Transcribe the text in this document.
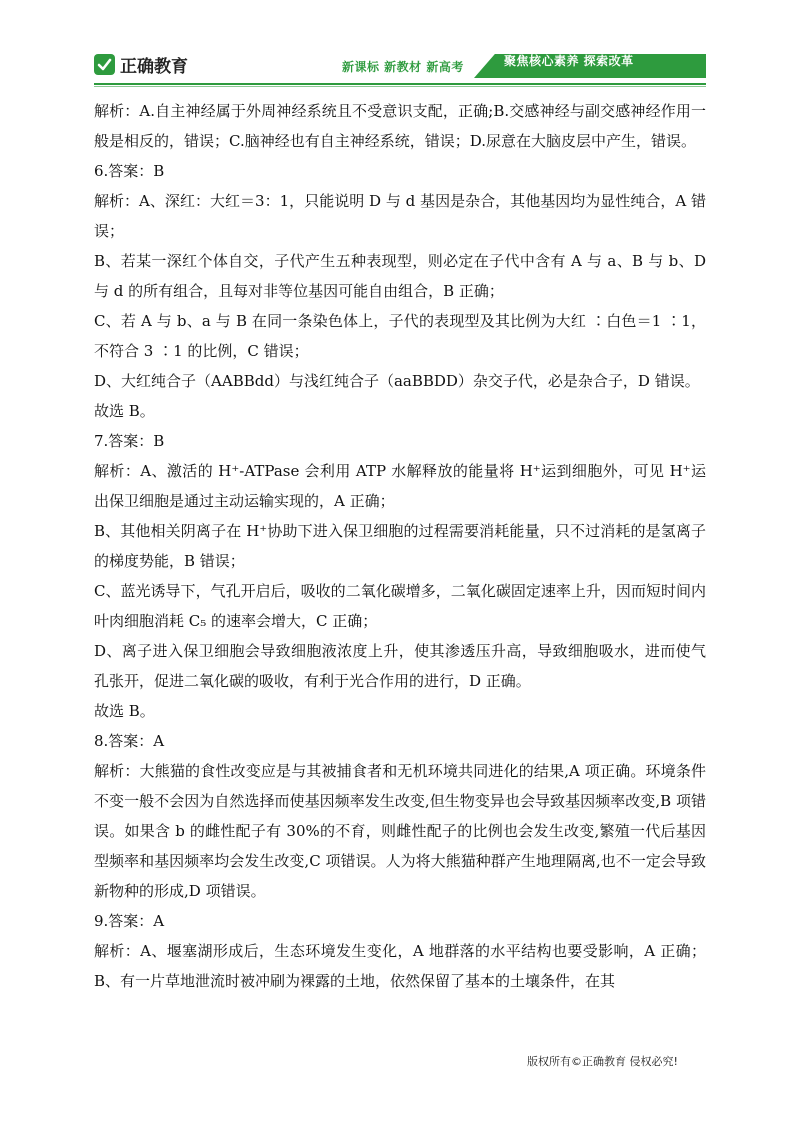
正确教育	新课标 新教材 新高考	聚焦核心素养 探索改革

解析：A.自主神经属于外周神经系统且不受意识支配，正确;B.交感神经与副交感神经作用一般是相反的，错误；C.脑神经也有自主神经系统，错误；D.尿意在大脑皮层中产生，错误。

6.答案：B

解析：A、深红：大红＝3：1，只能说明 D 与 d 基因是杂合，其他基因均为显性纯合，A 错误；

B、若某一深红个体自交，子代产生五种表现型，则必定在子代中含有 A 与 a、B 与 b、D 与 d 的所有组合，且每对非等位基因可能自由组合，B 正确；

C、若 A 与 b、a 与 B 在同一条染色体上，子代的表现型及其比例为大红 ∶白色＝1 ∶1，不符合 3 ∶1 的比例，C 错误；

D、大红纯合子（AABBdd）与浅红纯合子（aaBBDD）杂交子代，必是杂合子，D 错误。

故选 B。

7.答案：B

解析：A、激活的 H⁺-ATPase 会利用 ATP 水解释放的能量将 H⁺运到细胞外，可见 H⁺运出保卫细胞是通过主动运输实现的，A 正确；

B、其他相关阴离子在 H⁺协助下进入保卫细胞的过程需要消耗能量，只不过消耗的是氢离子的梯度势能，B 错误；

C、蓝光诱导下，气孔开启后，吸收的二氧化碳增多，二氧化碳固定速率上升，因而短时间内叶肉细胞消耗 C₅ 的速率会增大，C 正确；

D、离子进入保卫细胞会导致细胞液浓度上升，使其渗透压升高，导致细胞吸水，进而使气孔张开，促进二氧化碳的吸收，有利于光合作用的进行，D 正确。

故选 B。

8.答案：A

解析：大熊猫的食性改变应是与其被捕食者和无机环境共同进化的结果,A 项正确。环境条件不变一般不会因为自然选择而使基因频率发生改变,但生物变异也会导致基因频率改变,B 项错误。如果含 b 的雌性配子有 30%的不育，则雌性配子的比例也会发生改变,繁殖一代后基因型频率和基因频率均会发生改变,C 项错误。人为将大熊猫种群产生地理隔离,也不一定会导致新物种的形成,D 项错误。

9.答案：A

解析：A、堰塞湖形成后，生态环境发生变化，A 地群落的水平结构也要受影响，A 正确； B、有一片草地泄流时被冲刷为裸露的土地，依然保留了基本的土壤条件，在其

版权所有©正确教育 侵权必究!
